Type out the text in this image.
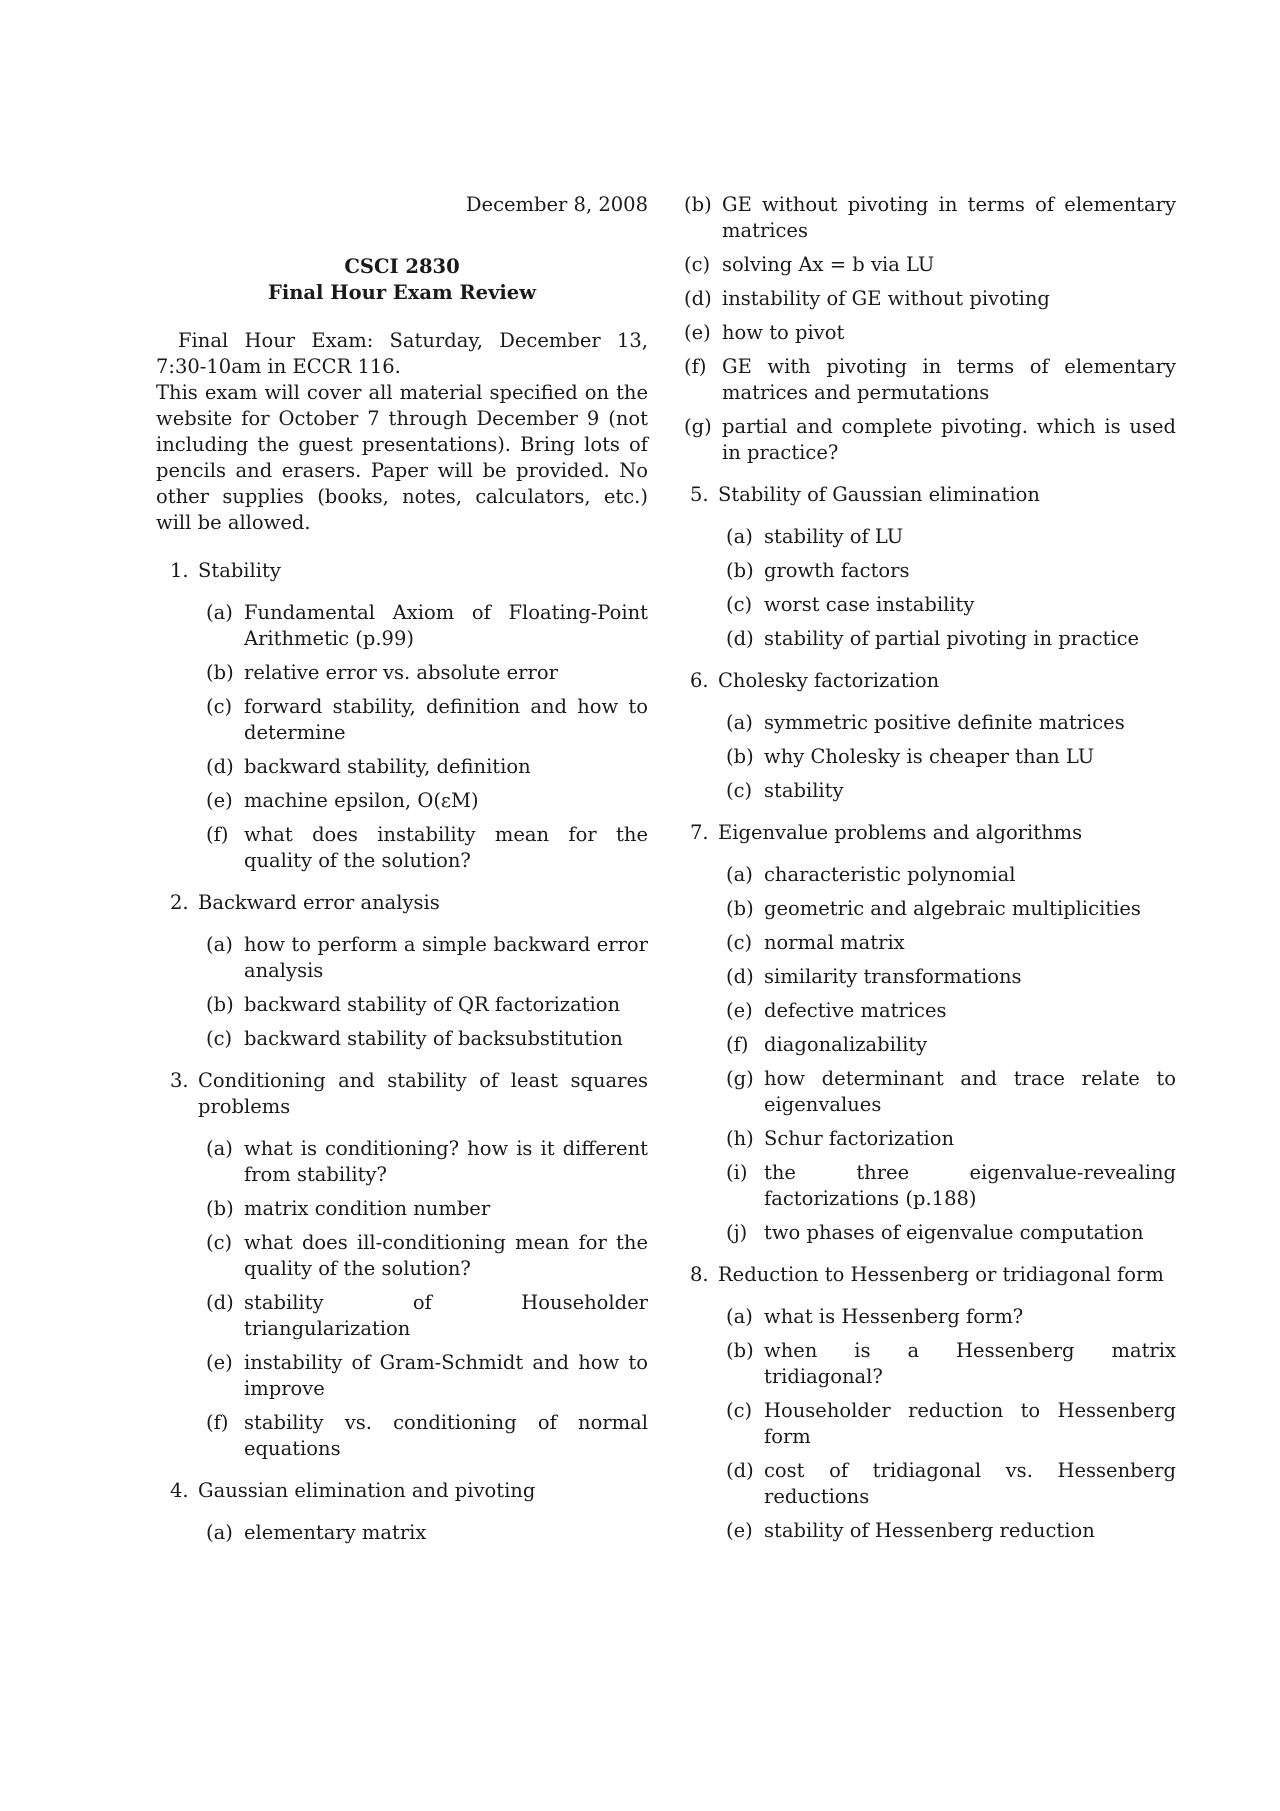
December 8, 2008
CSCI 2830
Final Hour Exam Review

Final Hour Exam: Saturday, December 13, 7:30-10am in ECCR 116.

This exam will cover all material specified on the website for October 7 through December 9 (not including the guest presentations). Bring lots of pencils and erasers. Paper will be provided. No other supplies (books, notes, calculators, etc.) will be allowed.

1. Stability
(a) Fundamental Axiom of Floating-Point Arithmetic (p.99)
(b) relative error vs. absolute error
(c) forward stability, definition and how to determine
(d) backward stability, definition
(e) machine epsilon, O(εM)
(f) what does instability mean for the quality of the solution?
2. Backward error analysis
(a) how to perform a simple backward error analysis
(b) backward stability of QR factorization
(c) backward stability of backsubstitution
3. Conditioning and stability of least squares problems
(a) what is conditioning? how is it different from stability?
(b) matrix condition number
(c) what does ill-conditioning mean for the quality of the solution?
(d) stability of Householder triangularization
(e) instability of Gram-Schmidt and how to improve
(f) stability vs. conditioning of normal equations
4. Gaussian elimination and pivoting
(a) elementary matrix
(b) GE without pivoting in terms of elementary matrices
(c) solving Ax = b via LU
(d) instability of GE without pivoting
(e) how to pivot
(f) GE with pivoting in terms of elementary matrices and permutations
(g) partial and complete pivoting. which is used in practice?
5. Stability of Gaussian elimination
(a) stability of LU
(b) growth factors
(c) worst case instability
(d) stability of partial pivoting in practice
6. Cholesky factorization
(a) symmetric positive definite matrices
(b) why Cholesky is cheaper than LU
(c) stability
7. Eigenvalue problems and algorithms
(a) characteristic polynomial
(b) geometric and algebraic multiplicities
(c) normal matrix
(d) similarity transformations
(e) defective matrices
(f) diagonalizability
(g) how determinant and trace relate to eigenvalues
(h) Schur factorization
(i) the three eigenvalue-revealing factorizations (p.188)
(j) two phases of eigenvalue computation
8. Reduction to Hessenberg or tridiagonal form
(a) what is Hessenberg form?
(b) when is a Hessenberg matrix tridiagonal?
(c) Householder reduction to Hessenberg form
(d) cost of tridiagonal vs. Hessenberg reductions
(e) stability of Hessenberg reduction
